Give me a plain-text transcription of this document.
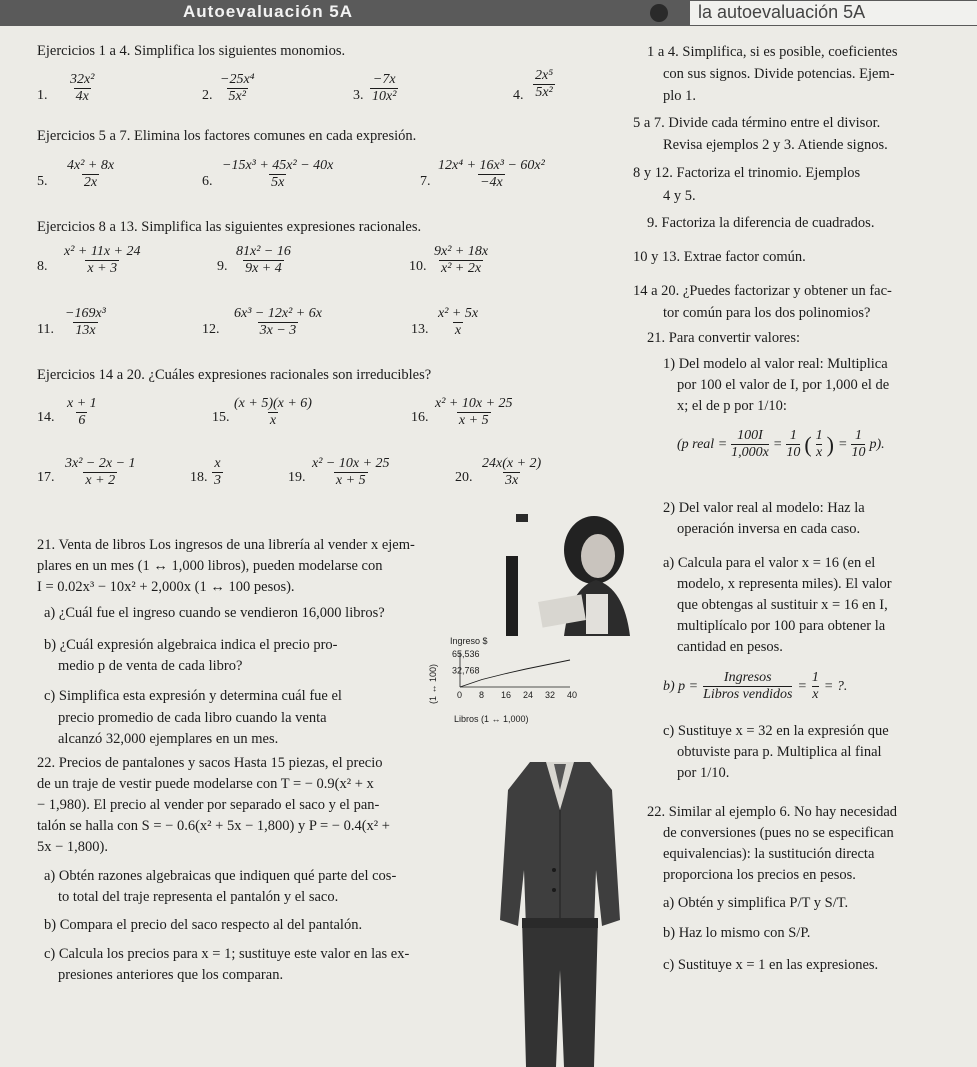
Autoevaluación 5A	la autoevaluación 5A
Ejercicios 1 a 4. Simplifica los siguientes monomios.
1. $\frac{\text{32x²}}{4x}$	2. $\frac{\text{−25x⁴}}{\text{5x²}}$	3. $\frac{-7x}{\text{10x²}}$	4. $\frac{\text{2x⁵}}{\text{5x²}}$
Ejercicios 5 a 7. Elimina los factores comunes en cada expresión.
5. $\frac{\text{4x² + 8x}}{2x}$	6. $\frac{\text{−15x³ + 45x² − 40x}}{5x}$	7. $\frac{\text{12x⁴ + 16x³ − 60x²}}{-4x}$
Ejercicios 8 a 13. Simplifica las siguientes expresiones racionales.
8. $\frac{\text{x² + 11x + 24}}{x + 3}$	9. $\frac{\text{81x² − 16}}{9x + 4}$	10. $\frac{\text{9x² + 18x}}{\text{x² + 2x}}$
11. $\frac{\text{−169x³}}{13x}$	12. $\frac{\text{6x³ − 12x² + 6x}}{3x - 3}$	13. $\frac{\text{x² + 5x}}{x}$
Ejercicios 14 a 20. ¿Cuáles expresiones racionales son irreducibles?
14. $\frac{x + 1}{6}$	15. $\frac{(x + 5)(x + 6)}{x}$	16. $\frac{\text{x² + 10x + 25}}{x + 5}$
17. $\frac{\text{3x² − 2x − 1}}{x + 2}$	18. $\frac{x}{3}$	19. $\frac{\text{x² − 10x + 25}}{x + 5}$	20. $\frac{24x(x + 2)}{3x}$
21. Venta de libros Los ingresos de una librería al vender x ejem-
plares en un mes (1 ↔ 1,000 libros), pueden modelarse con
I = 0.02x³ − 10x² + 2,000x (1 ↔ 100 pesos).
a) ¿Cuál fue el ingreso cuando se vendieron 16,000 libros?
b) ¿Cuál expresión algebraica indica el precio pro-
medio p de venta de cada libro?
c) Simplifica esta expresión y determina cuál fue el
precio promedio de cada libro cuando la venta
alcanzó 32,000 ejemplares en un mes.
Ingreso $
(1 ↔ 100) 0 8 16 24 32 40
32,768
65,536
Libros (1 ↔ 1,000)
22. Precios de pantalones y sacos Hasta 15 piezas, el precio
de un traje de vestir puede modelarse con T = − 0.9(x² + x
− 1,980). El precio al vender por separado el saco y el pan-
talón se halla con S = − 0.6(x² + 5x − 1,800) y P = − 0.4(x² +
5x − 1,800).
a) Obtén razones algebraicas que indiquen qué parte del cos-
to total del traje representa el pantalón y el saco.
b) Compara el precio del saco respecto al del pantalón.
c) Calcula los precios para x = 1; sustituye este valor en las ex-
presiones anteriores que los comparan.
1 a 4. Simplifica, si es posible, coeficientes
con sus signos. Divide potencias. Ejem-
plo 1.
5 a 7. Divide cada término entre el divisor.
Revisa ejemplos 2 y 3. Atiende signos.
8 y 12. Factoriza el trinomio. Ejemplos
4 y 5.
9. Factoriza la diferencia de cuadrados.
10 y 13. Extrae factor común.
14 a 20. ¿Puedes factorizar y obtener un fac-
tor común para los dos polinomios?
21. Para convertir valores:
1) Del modelo al valor real: Multiplica
por 100 el valor de I, por 1,000 el de
x; el de p por 1/10:
(p real = $\frac{100I}{1,000x} = \frac{1}{10}$ ( $\frac{1}{x}$ ) = $\frac{1}{10} p$).
2) Del valor real al modelo: Haz la
operación inversa en cada caso.
a) Calcula para el valor x = 16 (en el
modelo, x representa miles). El valor
que obtengas al sustituir x = 16 en I,
multiplícalo por 100 para obtener la
cantidad en pesos.
b) p =
Ingresos
Libros vendidos
= $\frac{1}{x}$ = ?.
c) Sustituye x = 32 en la expresión que
obtuviste para p. Multiplica al final
por 1/10.
22. Similar al ejemplo 6. No hay necesidad
de conversiones (pues no se especifican
equivalencias): la sustitución directa
proporciona los precios en pesos.
a) Obtén y simplifica P/T y S/T.
b) Haz lo mismo con S/P.
c) Sustituye x = 1 en las expresiones.
